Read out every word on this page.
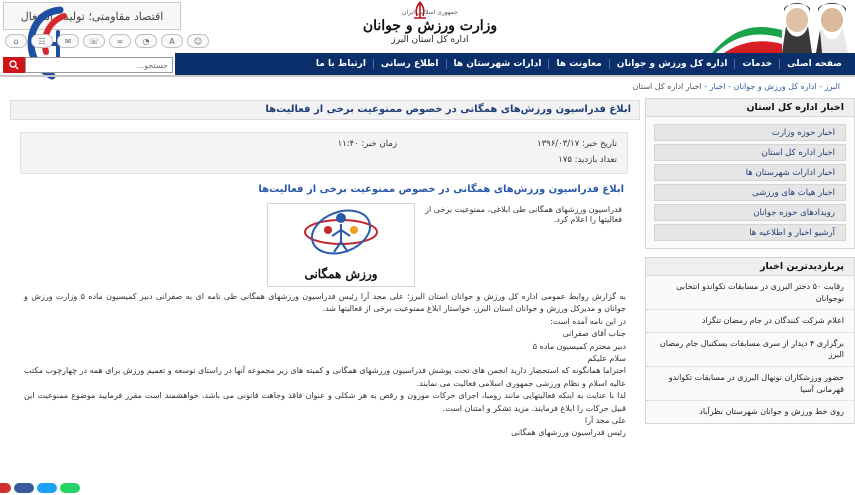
اقتصاد مقاومتی؛ تولید - اشتغال
⌂	☷	✉	☏	∞	◔	A	☺
جمهوری اسلامی ایران
وزارت ورزش و جوانان
اداره کل استان البرز
جستجو...
صفحه اصلی
خدمات
اداره کل ورزش و جوانان
معاونت ها
ادارات شهرستان ها
اطلاع رسانی
ارتباط با ما
البرز - اداره کل ورزش و جوانان - اخبار - اخبار اداره کل استان
ابلاغ فدراسیون ورزش‌های همگانی در خصوص ممنوعیت برخی از فعالیت‌ها
تاریخ خبر: ۱۳۹۶/۰۳/۱۷
تعداد بازدید: ۱۷۵
زمان خبر: ۱۱:۴۰
ابلاغ فدراسیون ورزش‌های همگانی در خصوص ممنوعیت برخی از فعالیت‌ها
فدراسیون ورزشهای همگانی طی ابلاغی، ممنوعیت برخی از فعالیتها را اعلام کرد.
ورزش همگانی

به گزارش روابط عمومی اداره کل ورزش و جوانان استان البرز؛ علی مجد آرا رئیس فدراسیون ورزشهای همگانی طی نامه ای به صفرانی دبیر کمیسیون ماده ۵ وزارت ورزش و جوانان و مدیرکل ورزش و جوانان استان البرز، خواستار ابلاغ ممنوعیت برخی از فعالیتها شد.

در این نامه آمده است:

جناب آقای صفرانی

دبیر محترم کمیسیون ماده ۵

سلام علیکم

احتراما همانگونه که استحضار دارید انجمن های تحت پوشش فدراسیون ورزشهای همگانی و کمیته های زیر مجموعه آنها در راستای توسعه و تعمیم ورزش برای همه در چهارچوب مکتب عالیه اسلام و نظام ورزشی جمهوری اسلامی فعالیت می نمایند.

لذا با عنایت به اینکه فعالیتهایی مانند زومبا، اجرای حرکات موزون و رقص به هر شکلی و عنوان فاقد وجاهت قانونی می باشد، خواهشمند است مقرر فرمایید موضوع ممنوعیت این قبیل حرکات را ابلاغ فرمایند. مزید تشکر و امتنان است.

علی مجد آرا

رئیس فدراسیون ورزشهای همگانی

اخبار اداره کل استان
اخبار حوزه وزارت
اخبار اداره کل استان
اخبار ادارات شهرستان ها
اخبار هیات های ورزشی
رویدادهای حوزه جوانان
آرشیو اخبار و اطلاعیه ها
پربازدیدترین اخبار
رقابت ۵۰ دختر البرزی در مسابقات تکواندو انتخابی نوجوانان
اعلام شرکت کنندگان در جام رمضان تنگزاد
برگزاری ۴ دیدار از سری مسابقات بسکتبال جام رمضان البرز
حضور ورزشکاران نونهال البرزی در مسابقات تکواندو قهرمانی آسیا
روی خط ورزش و جوانان شهرستان نظرآباد
